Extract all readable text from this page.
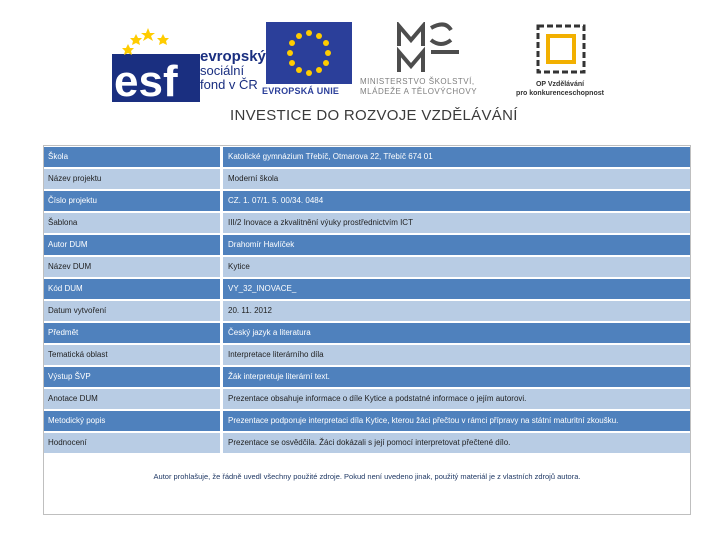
esf
evropský
sociální
fond v ČR EVROPSKÁ UNIE
MINISTERSTVO ŠKOLSTVÍ,
MLÁDEŽE A TĚLOVÝCHOVY
OP Vzdělávání
pro konkurenceschopnost
INVESTICE DO ROZVOJE VZDĚLÁVÁNÍ
Škola	Katolické gymnázium Třebíč, Otmarova 22, Třebíč 674 01
Název projektu	Moderní škola
Číslo projektu	CZ. 1. 07/1. 5. 00/34. 0484
Šablona	III/2 Inovace a zkvalitnění výuky prostřednictvím ICT
Autor DUM	Drahomír Havlíček
Název DUM	Kytice
Kód DUM	VY_32_INOVACE_
Datum vytvoření	20. 11. 2012
Předmět	Český jazyk a literatura
Tematická oblast	Interpretace literárního díla
Výstup ŠVP	Žák interpretuje literární text.
Anotace DUM	Prezentace obsahuje informace o díle Kytice a podstatné informace o jejím autorovi.
Metodický popis	Prezentace podporuje interpretaci díla Kytice, kterou žáci přečtou v rámci přípravy na státní maturitní zkoušku.
Hodnocení	Prezentace se osvědčila. Žáci dokázali s její pomocí interpretovat přečtené dílo.
Autor prohlašuje, že řádně uvedl všechny použité zdroje. Pokud není uvedeno jinak, použitý materiál je z vlastních zdrojů autora.
